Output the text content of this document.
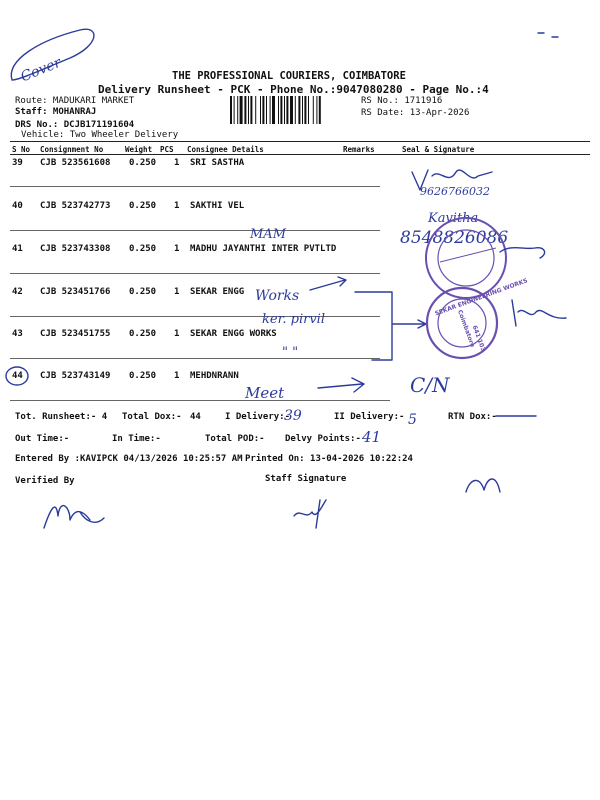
THE PROFESSIONAL COURIERS, COIMBATORE
Delivery Runsheet - PCK - Phone No.:9047080280 - Page No.:4
Route: MADUKARI MARKET
Staff: MOHANRAJ
DRS No.: DCJB171191604
Vehicle: Two Wheeler Delivery
RS No.: 1711916
RS Date: 13-Apr-2026
S No Consignment No	Weight PCS Consignee Details	Remarks	Seal & Signature
39 CJB 523561608 0.250 1 SRI SASTHA
40 CJB 523742773 0.250 1 SAKTHI VEL
41 CJB 523743308 0.250 1 MADHU JAYANTHI INTER PVTLTD
42 CJB 523451766 0.250 1 SEKAR ENGG
43 CJB 523451755 0.250 1 SEKAR ENGG WORKS
44 CJB 523743149 0.250 1 MEHDNRANN
Tot. Runsheet:- 4 Total Dox:- 44	I Delivery:-	II Delivery:-	RTN Dox:-
Out Time:-	In Time:-	Total POD:- Delvy Points:-
Entered By :KAVIPCK 04/13/2026 10:25:57 AM Printed On: 13-04-2026 10:22:24
Verified By	Staff Signature
Cover
9626766032
Kavitha
8548826086
MAM
Works
ker. pirvil
SEKAR ENGINEERING WORKS
Coimbatore
641 103
" "
Meet	C/N
39	5
41
